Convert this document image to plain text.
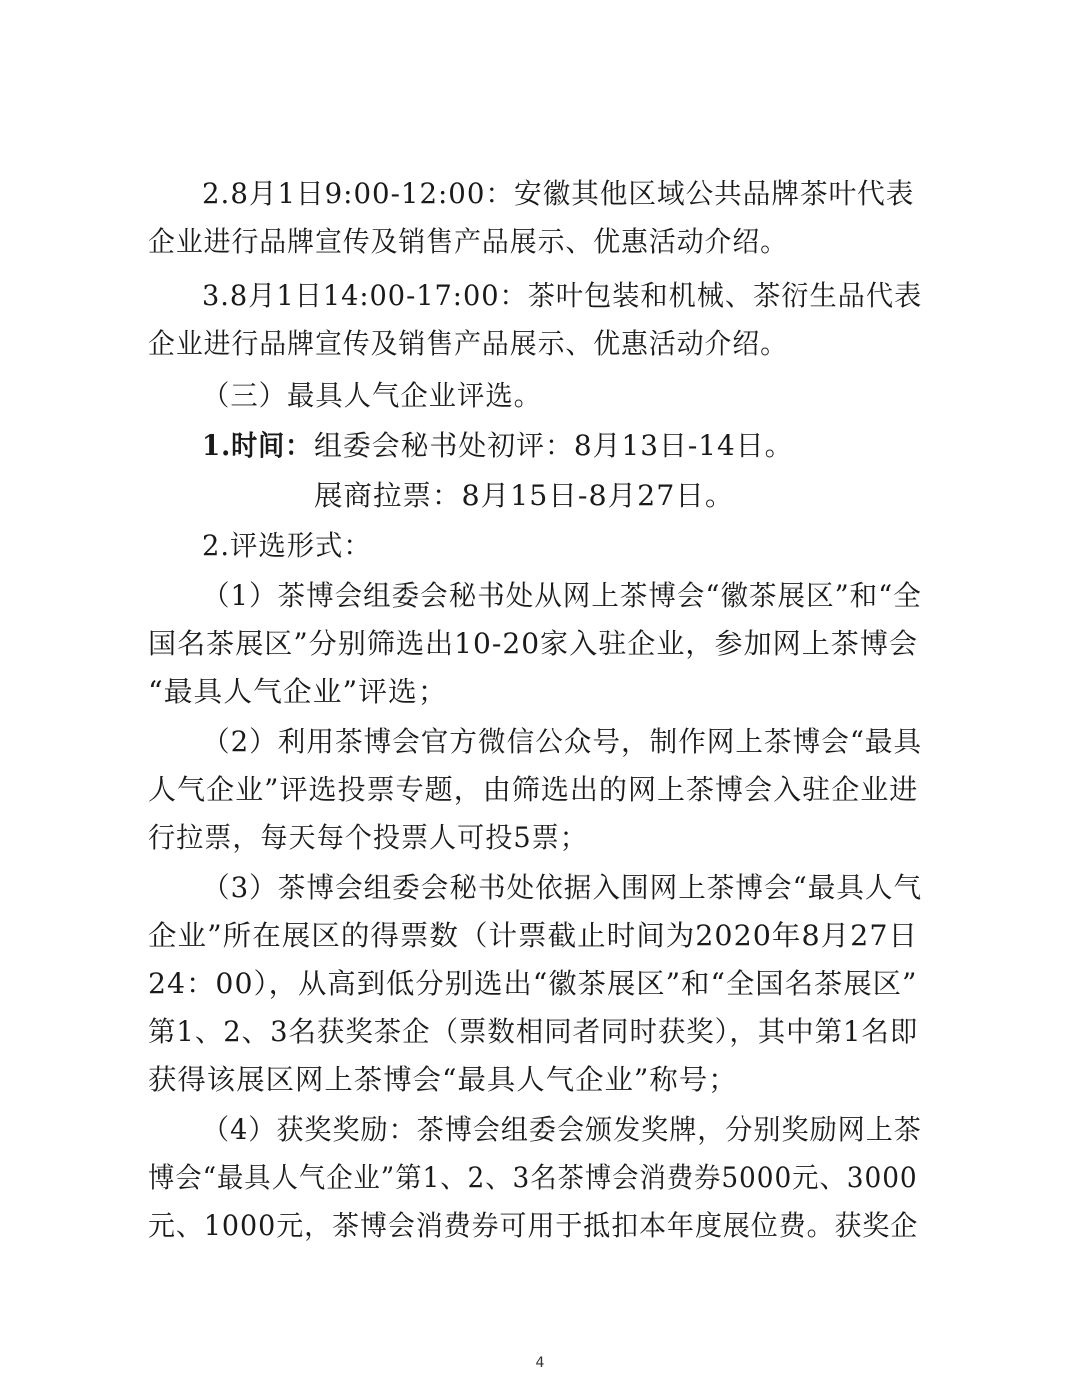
2.8月1日9:00-12:00：安徽其他区域公共品牌茶叶代表
企业进行品牌宣传及销售产品展示、优惠活动介绍。
3.8月1日14:00-17:00：茶叶包装和机械、茶衍生品代表
企业进行品牌宣传及销售产品展示、优惠活动介绍。
（三）最具人气企业评选。
1.时间： 组委会秘书处初评：8月13日-14日。
展商拉票：8月15日-8月27日。
2.评选形式：
（1）茶博会组委会秘书处从网上茶博会“徽茶展区”和“全
国名茶展区”分别筛选出10-20家入驻企业，参加网上茶博会
“最具人气企业”评选；
（2）利用茶博会官方微信公众号，制作网上茶博会“最具
人气企业”评选投票专题，由筛选出的网上茶博会入驻企业进
行拉票，每天每个投票人可投5票；
（3）茶博会组委会秘书处依据入围网上茶博会“最具人气
企业”所在展区的得票数（计票截止时间为2020年8月27日
24：00），从高到低分别选出“徽茶展区”和“全国名茶展区”
第1、2、3名获奖茶企（票数相同者同时获奖），其中第1名即
获得该展区网上茶博会“最具人气企业”称号；
（4）获奖奖励：茶博会组委会颁发奖牌，分别奖励网上茶
博会“最具人气企业”第1、2、3名茶博会消费券5000元、3000
元、1000元，茶博会消费券可用于抵扣本年度展位费。获奖企
4
